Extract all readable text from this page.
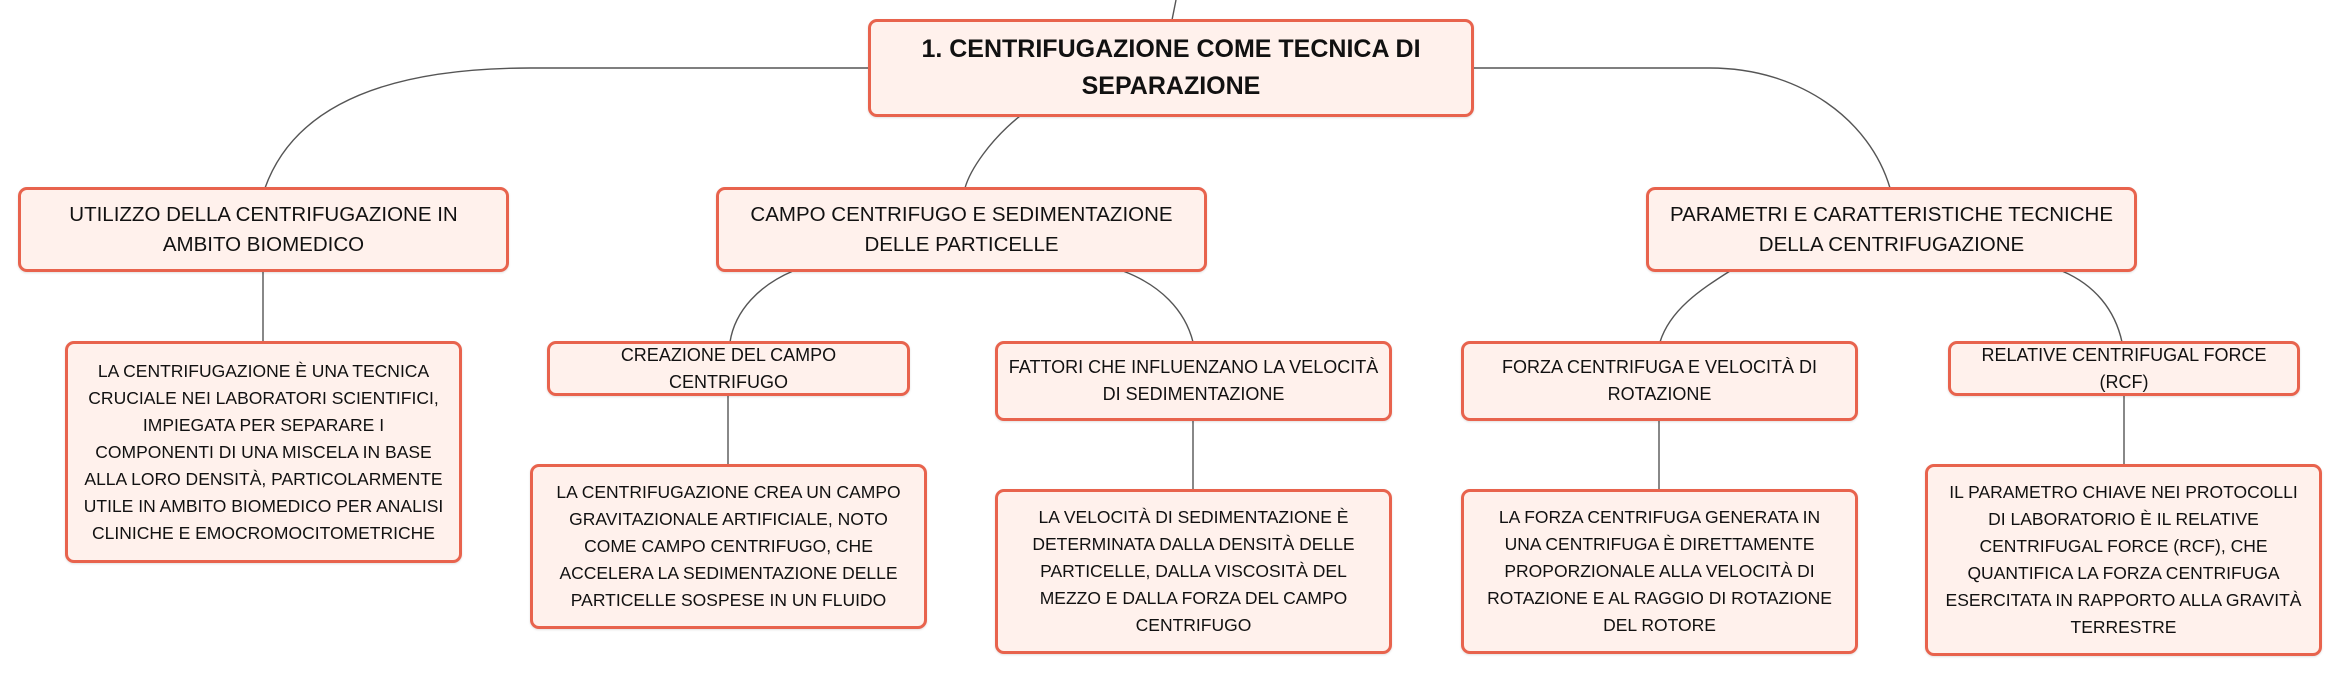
1. CENTRIFUGAZIONE COME TECNICA DI SEPARAZIONE
UTILIZZO DELLA CENTRIFUGAZIONE IN AMBITO BIOMEDICO
CAMPO CENTRIFUGO E SEDIMENTAZIONE DELLE PARTICELLE
PARAMETRI E CARATTERISTICHE TECNICHE DELLA CENTRIFUGAZIONE
LA CENTRIFUGAZIONE È UNA TECNICA CRUCIALE NEI LABORATORI SCIENTIFICI, IMPIEGATA PER SEPARARE I COMPONENTI DI UNA MISCELA IN BASE ALLA LORO DENSITÀ, PARTICOLARMENTE UTILE IN AMBITO BIOMEDICO PER ANALISI CLINICHE E EMOCROMOCITOMETRICHE
CREAZIONE DEL CAMPO CENTRIFUGO
FATTORI CHE INFLUENZANO LA VELOCITÀ DI SEDIMENTAZIONE
FORZA CENTRIFUGA E VELOCITÀ DI ROTAZIONE
RELATIVE CENTRIFUGAL FORCE (RCF)
LA CENTRIFUGAZIONE CREA UN CAMPO GRAVITAZIONALE ARTIFICIALE, NOTO COME CAMPO CENTRIFUGO, CHE ACCELERA LA SEDIMENTAZIONE DELLE PARTICELLE SOSPESE IN UN FLUIDO
LA VELOCITÀ DI SEDIMENTAZIONE È DETERMINATA DALLA DENSITÀ DELLE PARTICELLE, DALLA VISCOSITÀ DEL MEZZO E DALLA FORZA DEL CAMPO CENTRIFUGO
LA FORZA CENTRIFUGA GENERATA IN UNA CENTRIFUGA È DIRETTAMENTE PROPORZIONALE ALLA VELOCITÀ DI ROTAZIONE E AL RAGGIO DI ROTAZIONE DEL ROTORE
IL PARAMETRO CHIAVE NEI PROTOCOLLI DI LABORATORIO È IL RELATIVE CENTRIFUGAL FORCE (RCF), CHE QUANTIFICA LA FORZA CENTRIFUGA ESERCITATA IN RAPPORTO ALLA GRAVITÀ TERRESTRE
